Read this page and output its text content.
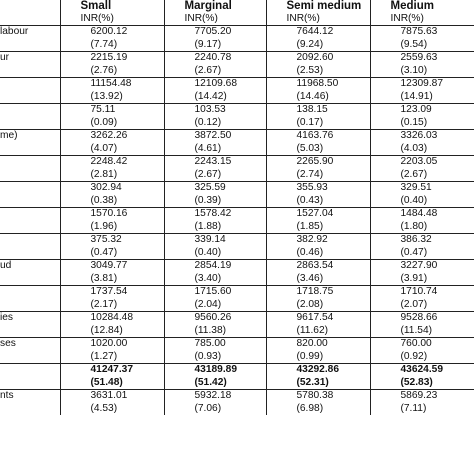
	Small	Marginal	Semi medium	Medium
	INR(%)	INR(%)	INR(%)	INR(%)
labour	6200.12	7705.20	7644.12	7875.63
	(7.74)	(9.17)	(9.24)	(9.54)
ur	2215.19	2240.78	2092.60	2559.63
	(2.76)	(2.67)	(2.53)	(3.10)
	11154.48	12109.68	11968.50	12309.87
	(13.92)	(14.42)	(14.46)	(14.91)
	75.11	103.53	138.15	123.09
	(0.09)	(0.12)	(0.17)	(0.15)
me)	3262.26	3872.50	4163.76	3326.03
	(4.07)	(4.61)	(5.03)	(4.03)
	2248.42	2243.15	2265.90	2203.05
	(2.81)	(2.67)	(2.74)	(2.67)
	302.94	325.59	355.93	329.51
	(0.38)	(0.39)	(0.43)	(0.40)
	1570.16	1578.42	1527.04	1484.48
	(1.96)	(1.88)	(1.85)	(1.80)
	375.32	339.14	382.92	386.32
	(0.47)	(0.40)	(0.46)	(0.47)
ud	3049.77	2854.19	2863.54	3227.90
	(3.81)	(3.40)	(3.46)	(3.91)
	1737.54	1715.60	1718.75	1710.74
	(2.17)	(2.04)	(2.08)	(2.07)
ies	10284.48	9560.26	9617.54	9528.66
	(12.84)	(11.38)	(11.62)	(11.54)
ses	1020.00	785.00	820.00	760.00
	(1.27)	(0.93)	(0.99)	(0.92)
	41247.37	43189.89	43292.86	43624.59
	(51.48)	(51.42)	(52.31)	(52.83)
nts	3631.01	5932.18	5780.38	5869.23
	(4.53)	(7.06)	(6.98)	(7.11)
